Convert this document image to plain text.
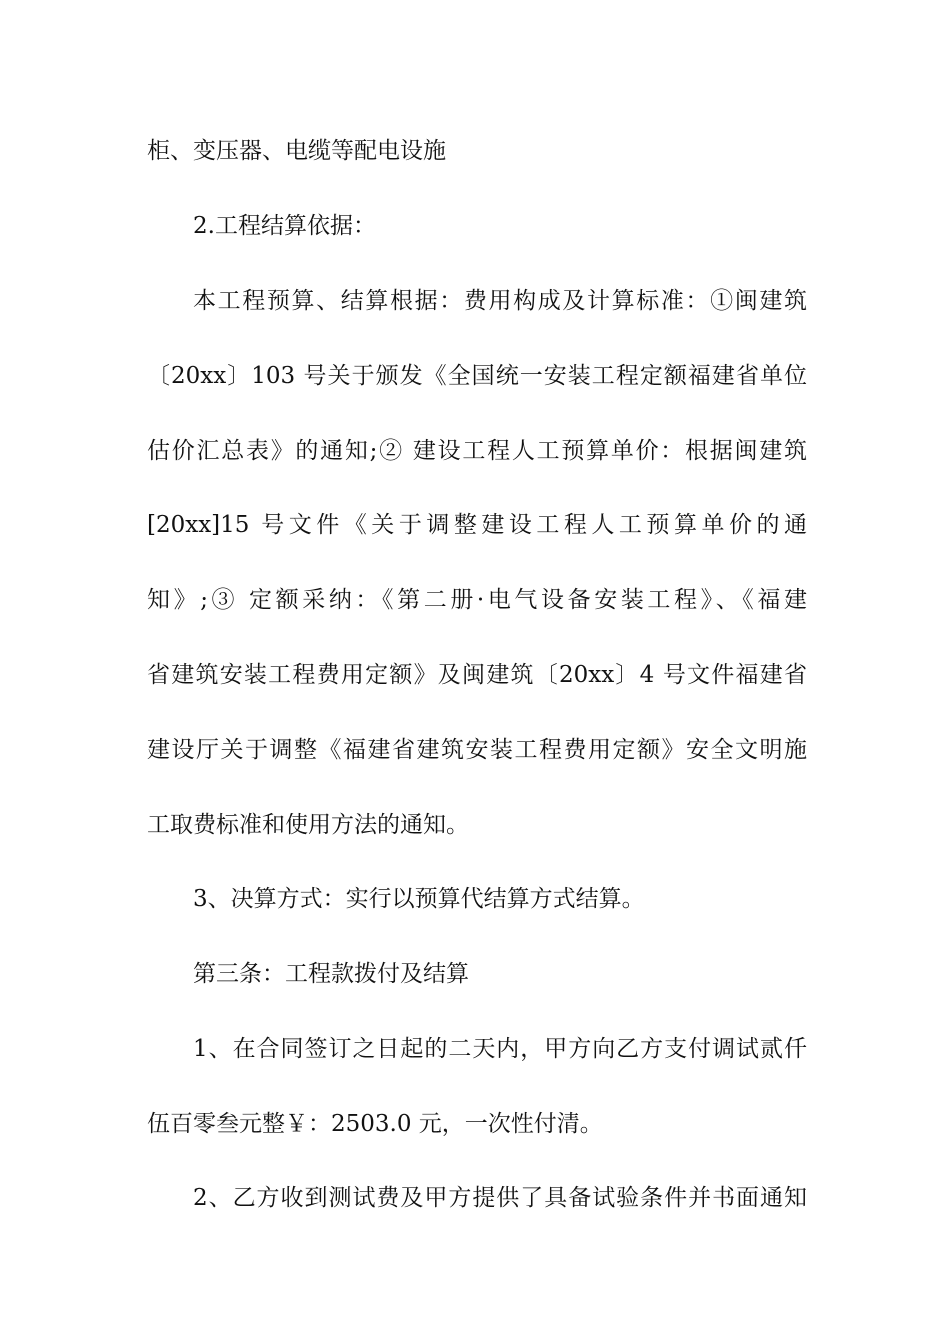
柜、变压器、电缆等配电设施
2.工程结算依据：
本工程预算、结算根据：费用构成及计算标准：①闽建筑
〔20xx〕103 号关于颁发《全国统一安装工程定额福建省单位
估价汇总表》的通知;② 建设工程人工预算单价：根据闽建筑
[20xx]15 号文件《关于调整建设工程人工预算单价的通
知》;③ 定额采纳：《第二册·电气设备安装工程》、《福建
省建筑安装工程费用定额》及闽建筑〔20xx〕4 号文件福建省
建设厅关于调整《福建省建筑安装工程费用定额》安全文明施
工取费标准和使用方法的通知。
3、决算方式：实行以预算代结算方式结算。
第三条：工程款拨付及结算
1、在合同签订之日起的二天内，甲方向乙方支付调试贰仟
伍百零叁元整￥：2503.0 元，一次性付清。
2、乙方收到测试费及甲方提供了具备试验条件并书面通知
